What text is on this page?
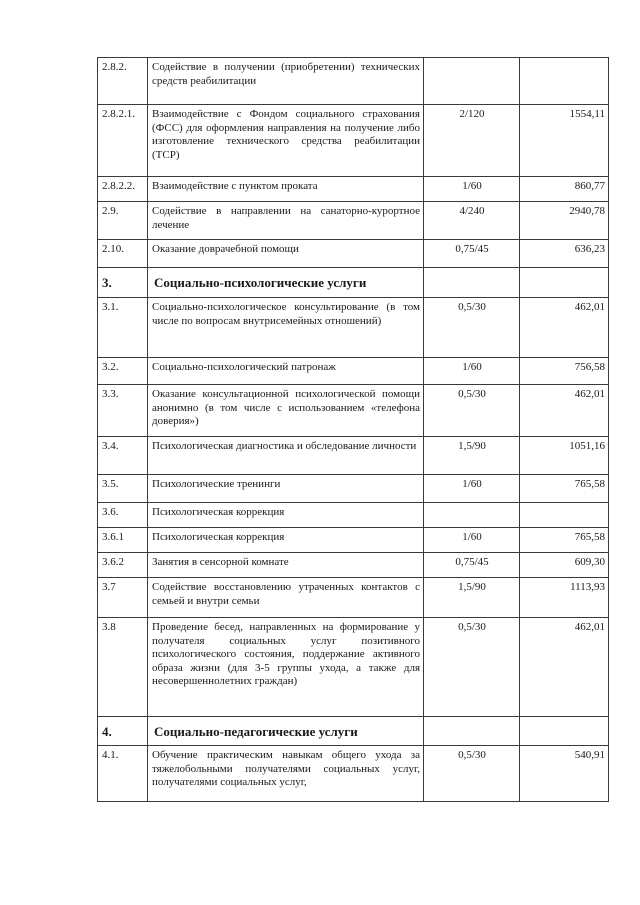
2.8.2.	Содействие в получении (приобретении) технических средств реабилитации		
2.8.2.1.	Взаимодействие с Фондом социального страхования (ФСС) для оформления направления на получение либо изготовление технического средства реабилитации (ТСР)	2/120	1554,11
2.8.2.2.	Взаимодействие с пунктом проката	1/60	860,77
2.9.	Содействие в направлении на санаторно-курортное лечение	4/240	2940,78
2.10.	Оказание доврачебной помощи	0,75/45	636,23
3.	Социально-психологические услуги		
3.1.	Социально-психологическое консультирование (в том числе по вопросам внутрисемейных отношений)	0,5/30	462,01
3.2.	Социально-психологический патронаж	1/60	756,58
3.3.	Оказание консультационной психологической помощи анонимно (в том числе с использованием «телефона доверия»)	0,5/30	462,01
3.4.	Психологическая диагностика и обследование личности	1,5/90	1051,16
3.5.	Психологические тренинги	1/60	765,58
3.6.	Психологическая коррекция		
3.6.1	Психологическая коррекция	1/60	765,58
3.6.2	Занятия в сенсорной комнате	0,75/45	609,30
3.7	Содействие восстановлению утраченных контактов с семьей и внутри семьи	1,5/90	1113,93
3.8	Проведение бесед, направленных на формирование у получателя социальных услуг позитивного психологического состояния, поддержание активного образа жизни (для 3-5 группы ухода, а также для несовершеннолетних граждан)	0,5/30	462,01
4.	Социально-педагогические услуги		
4.1.	Обучение практическим навыкам общего ухода за тяжелобольными получателями социальных услуг, получателями социальных услуг,	0,5/30	540,91
